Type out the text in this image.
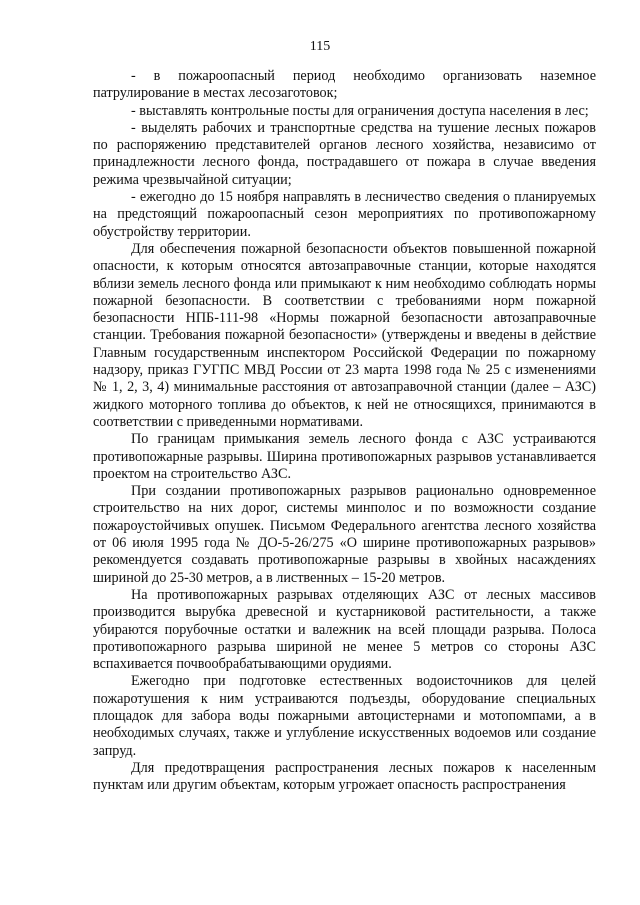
115

- в пожароопасный период необходимо организовать наземное патрулирование в местах лесозаготовок;

- выставлять контрольные посты для ограничения доступа населения в лес;

- выделять рабочих и транспортные средства на тушение лесных пожаров по распоряжению представителей органов лесного хозяйства, независимо от принадлежности лесного фонда, пострадавшего от пожара в случае введения режима чрезвычайной ситуации;

- ежегодно до 15 ноября направлять в лесничество сведения о планируемых на предстоящий пожароопасный сезон мероприятиях по противопожарному обустройству территории.

Для обеспечения пожарной безопасности объектов повышенной пожарной опасности, к которым относятся автозаправочные станции, которые находятся вблизи земель лесного фонда или примыкают к ним необходимо соблюдать нормы пожарной безопасности. В соответствии с требованиями норм пожарной безопасности НПБ-111-98 «Нормы пожарной безопасности автозаправочные станции. Требования пожарной безопасности» (утверждены и введены в действие Главным государственным инспектором Российской Федерации по пожарному надзору, приказ ГУГПС МВД России от 23 марта 1998 года № 25 с изменениями № 1, 2, 3, 4) минимальные расстояния от автозаправочной станции (далее – АЗС) жидкого моторного топлива до объектов, к ней не относящихся, принимаются в соответствии с приведенными нормативами.

По границам примыкания земель лесного фонда с АЗС устраиваются противопожарные разрывы. Ширина противопожарных разрывов устанавливается проектом на строительство АЗС.

При создании противопожарных разрывов рационально одновременное строительство на них дорог, системы минполос и по возможности создание пожароустойчивых опушек. Письмом Федерального агентства лесного хозяйства от 06 июля 1995 года № ДО-5-26/275 «О ширине противопожарных разрывов» рекомендуется создавать противопожарные разрывы в хвойных насаждениях шириной до 25-30 метров, а в лиственных – 15-20 метров.

На противопожарных разрывах отделяющих АЗС от лесных массивов производится вырубка древесной и кустарниковой растительности, а также убираются порубочные остатки и валежник на всей площади разрыва. Полоса противопожарного разрыва шириной не менее 5 метров со стороны АЗС вспахивается почвообрабатывающими орудиями.

Ежегодно при подготовке естественных водоисточников для целей пожаротушения к ним устраиваются подъезды, оборудование специальных площадок для забора воды пожарными автоцистернами и мотопомпами, а в необходимых случаях, также и углубление искусственных водоемов или создание запруд.

Для предотвращения распространения лесных пожаров к населенным пунктам или другим объектам, которым угрожает опасность распространения
